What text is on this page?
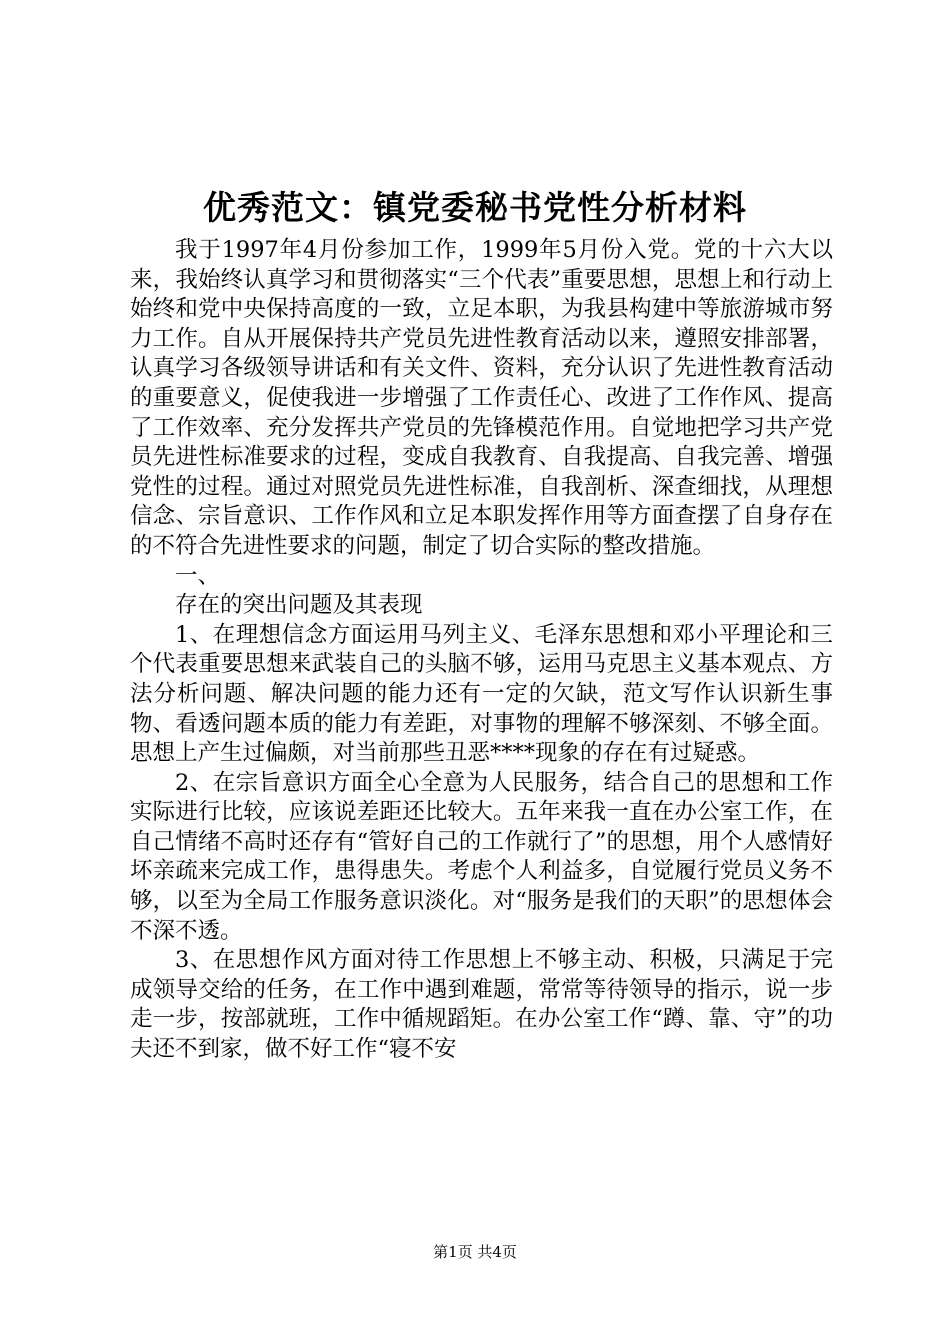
优秀范文：镇党委秘书党性分析材料

我于1997年4月份参加工作，1999年5月份入党。党的十六大以来，我始终认真学习和贯彻落实“三个代表”重要思想，思想上和行动上始终和党中央保持高度的一致，立足本职，为我县构建中等旅游城市努力工作。自从开展保持共产党员先进性教育活动以来，遵照安排部署，认真学习各级领导讲话和有关文件、资料，充分认识了先进性教育活动的重要意义，促使我进一步增强了工作责任心、改进了工作作风、提高了工作效率、充分发挥共产党员的先锋模范作用。自觉地把学习共产党员先进性标准要求的过程，变成自我教育、自我提高、自我完善、增强党性的过程。通过对照党员先进性标准，自我剖析、深查细找，从理想信念、宗旨意识、工作作风和立足本职发挥作用等方面查摆了自身存在的不符合先进性要求的问题，制定了切合实际的整改措施。

一、

存在的突出问题及其表现

1、在理想信念方面运用马列主义、毛泽东思想和邓小平理论和三个代表重要思想来武装自己的头脑不够，运用马克思主义基本观点、方法分析问题、解决问题的能力还有一定的欠缺，范文写作认识新生事物、看透问题本质的能力有差距，对事物的理解不够深刻、不够全面。思想上产生过偏颇，对当前那些丑恶****现象的存在有过疑惑。

2、在宗旨意识方面全心全意为人民服务，结合自己的思想和工作实际进行比较，应该说差距还比较大。五年来我一直在办公室工作，在自己情绪不高时还存有“管好自己的工作就行了”的思想，用个人感情好坏亲疏来完成工作，患得患失。考虑个人利益多，自觉履行党员义务不够，以至为全局工作服务意识淡化。对“服务是我们的天职”的思想体会不深不透。

3、在思想作风方面对待工作思想上不够主动、积极，只满足于完成领导交给的任务，在工作中遇到难题，常常等待领导的指示，说一步走一步，按部就班，工作中循规蹈矩。在办公室工作“蹲、靠、守”的功夫还不到家，做不好工作“寝不安

第1页 共4页
